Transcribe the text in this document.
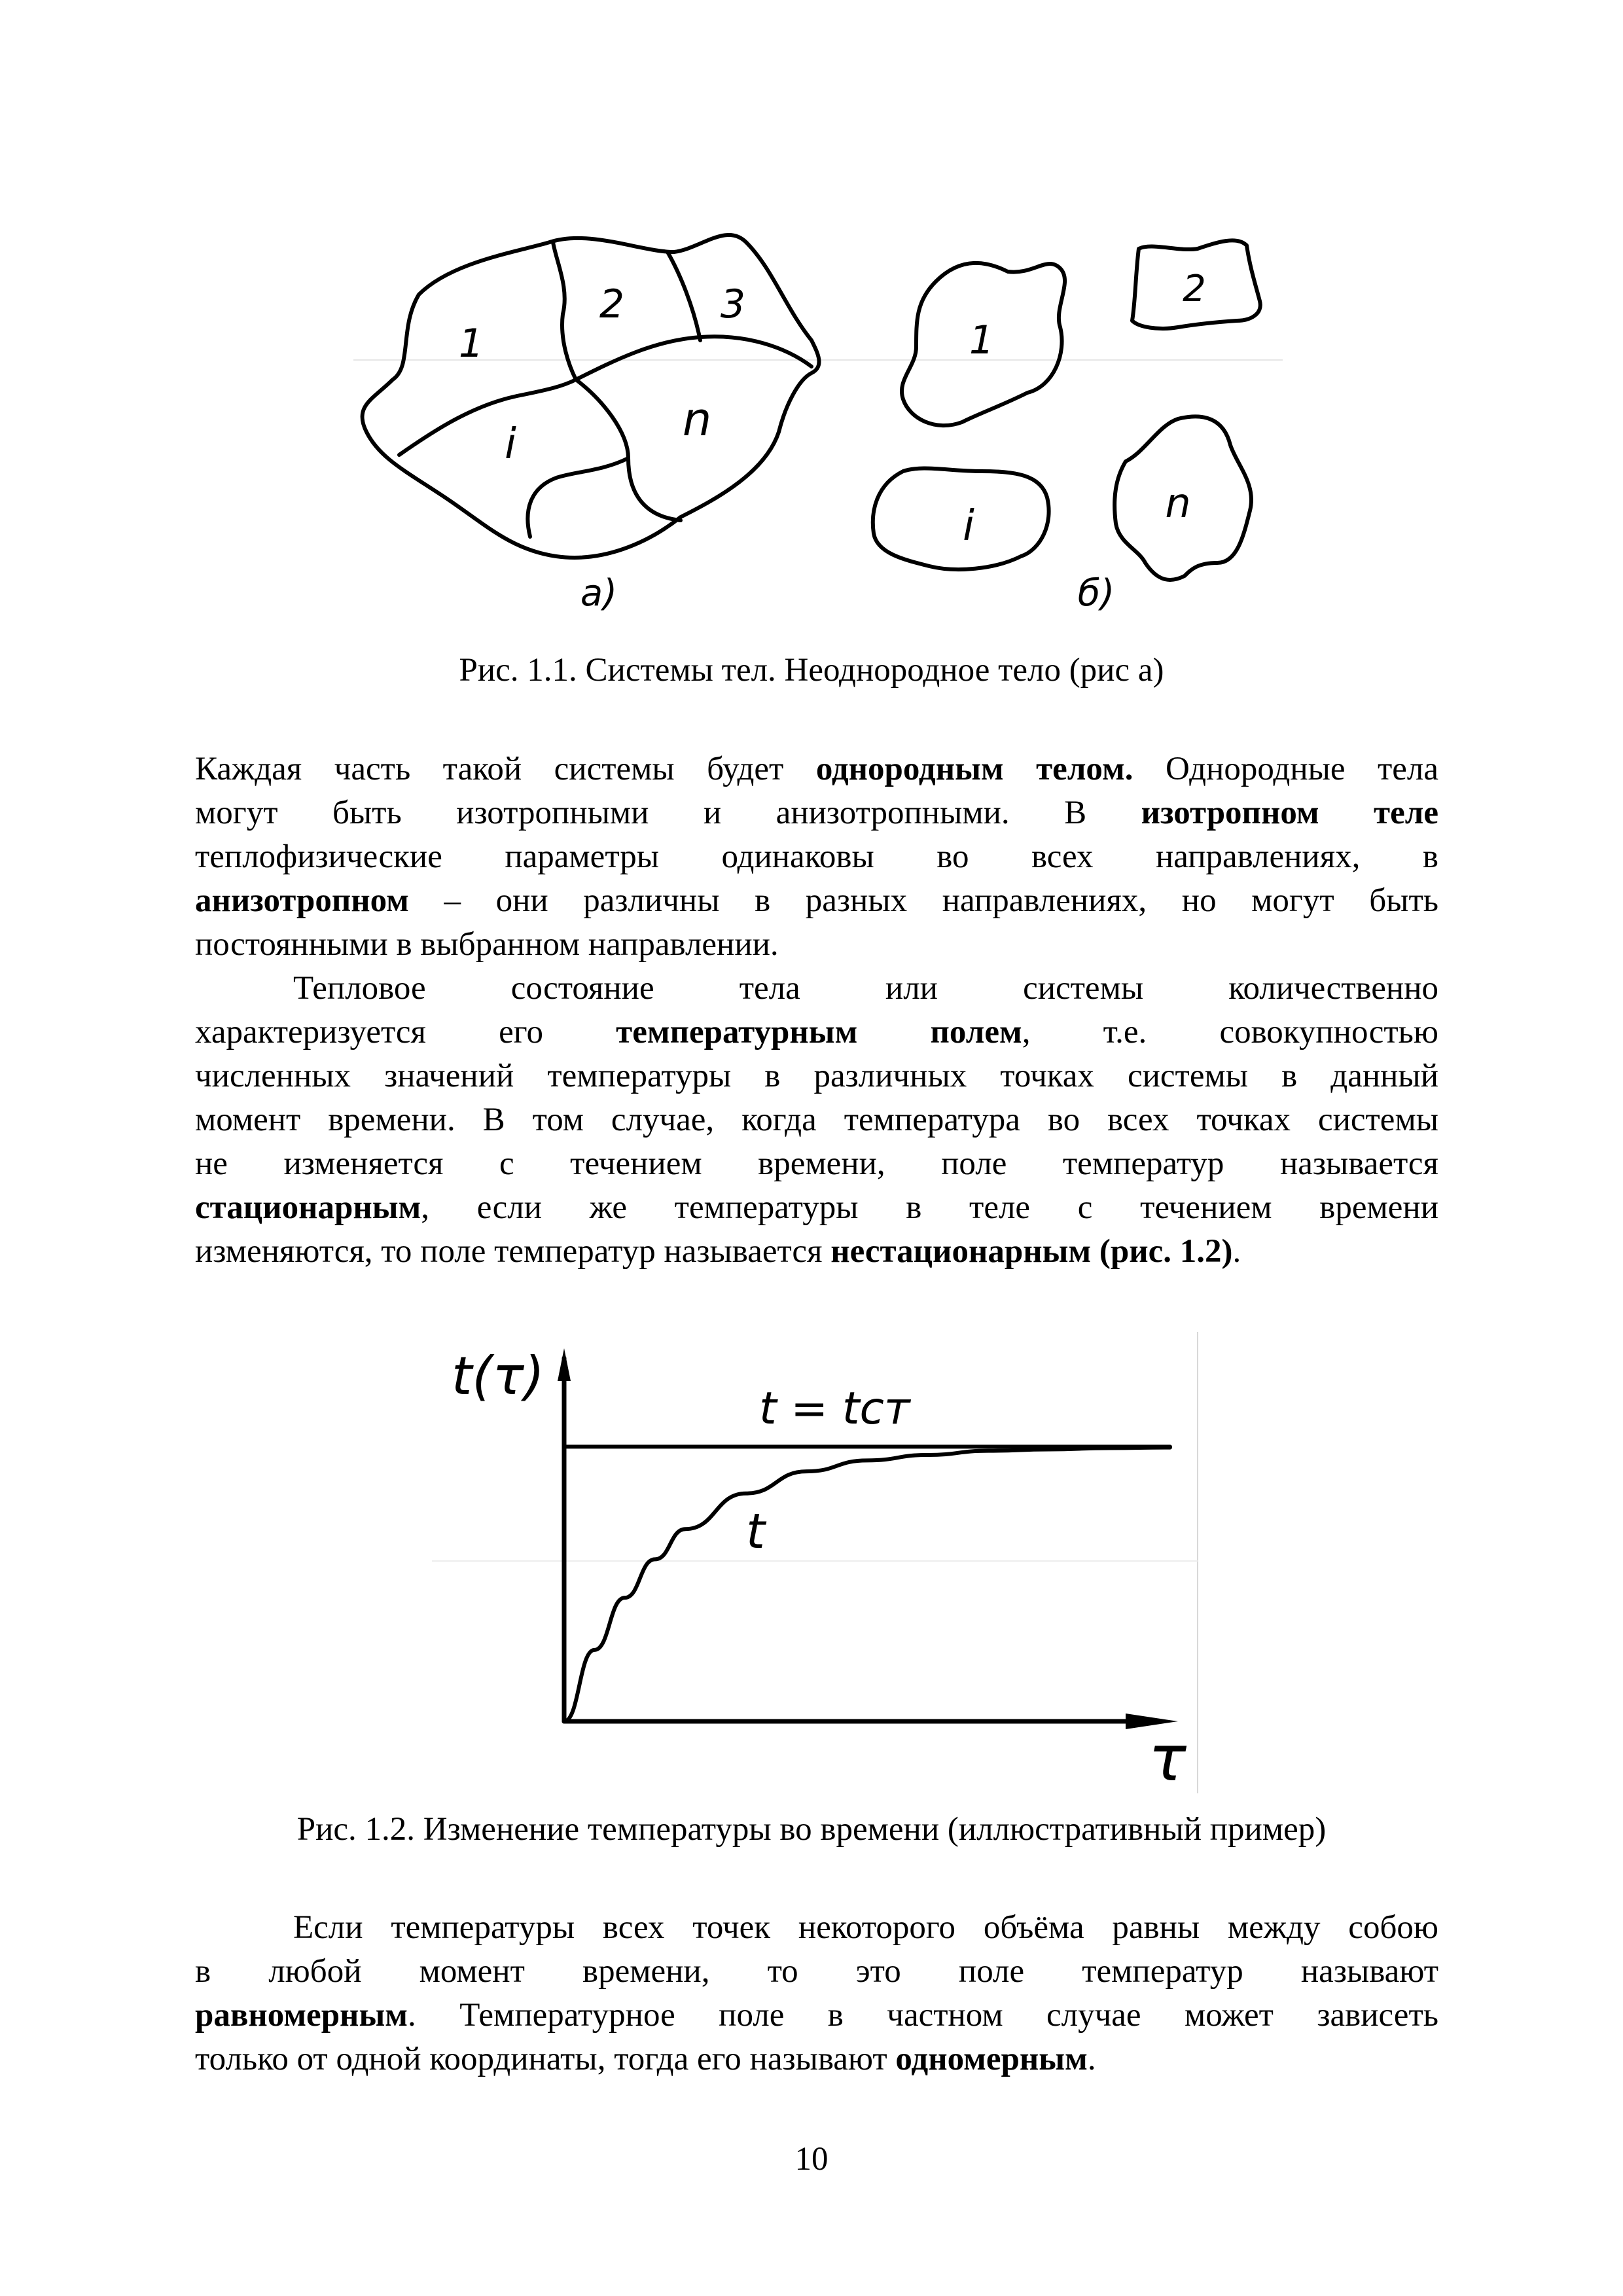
1
2 3
i	n
а)
1
2
i	n
б)
Рис. 1.1. Системы тел. Неоднородное тело (рис а)
Каждая часть такой системы будет однородным телом. Однородные тела
могут быть изотропными и анизотропными. В изотропном теле
теплофизические параметры одинаковы во всех направлениях, в
анизотропном – они различны в разных направлениях, но могут быть
постоянными в выбранном направлении.
Тепловое состояние тела или системы количественно
характеризуется его температурным полем, т.е. совокупностью
численных значений температуры в различных точках системы в данный
момент времени. В том случае, когда температура во всех точках системы
не изменяется с течением времени, поле температур называется
стационарным, если же температуры в теле с течением времени
изменяются, то поле температур называется нестационарным (рис. 1.2).
t(τ)
τ
t = tст
t
Рис. 1.2. Изменение температуры во времени (иллюстративный пример)
Если температуры всех точек некоторого объёма равны между собою
в любой момент времени, то это поле температур называют
равномерным. Температурное поле в частном случае может зависеть
только от одной координаты, тогда его называют одномерным.
10
